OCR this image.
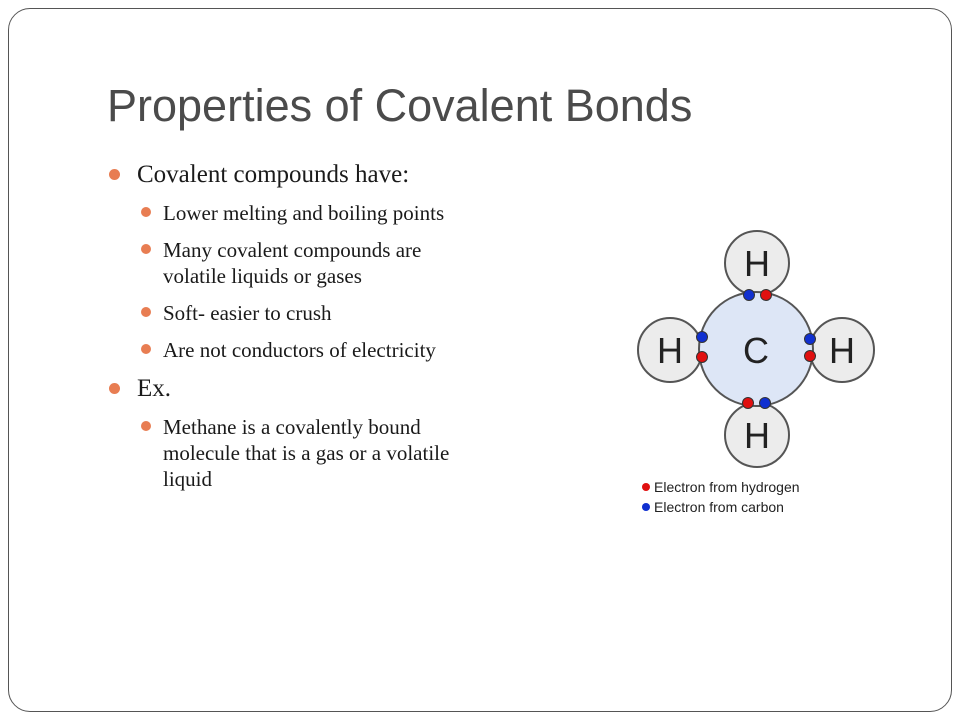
Properties of Covalent Bonds
Covalent compounds have:
Lower melting and boiling points
Many covalent compounds are volatile liquids or gases
Soft- easier to crush
Are not conductors of electricity
Ex.
Methane is a covalently bound molecule that is a gas or a volatile liquid
H
H C H
H
Electron from hydrogen
Electron from carbon
